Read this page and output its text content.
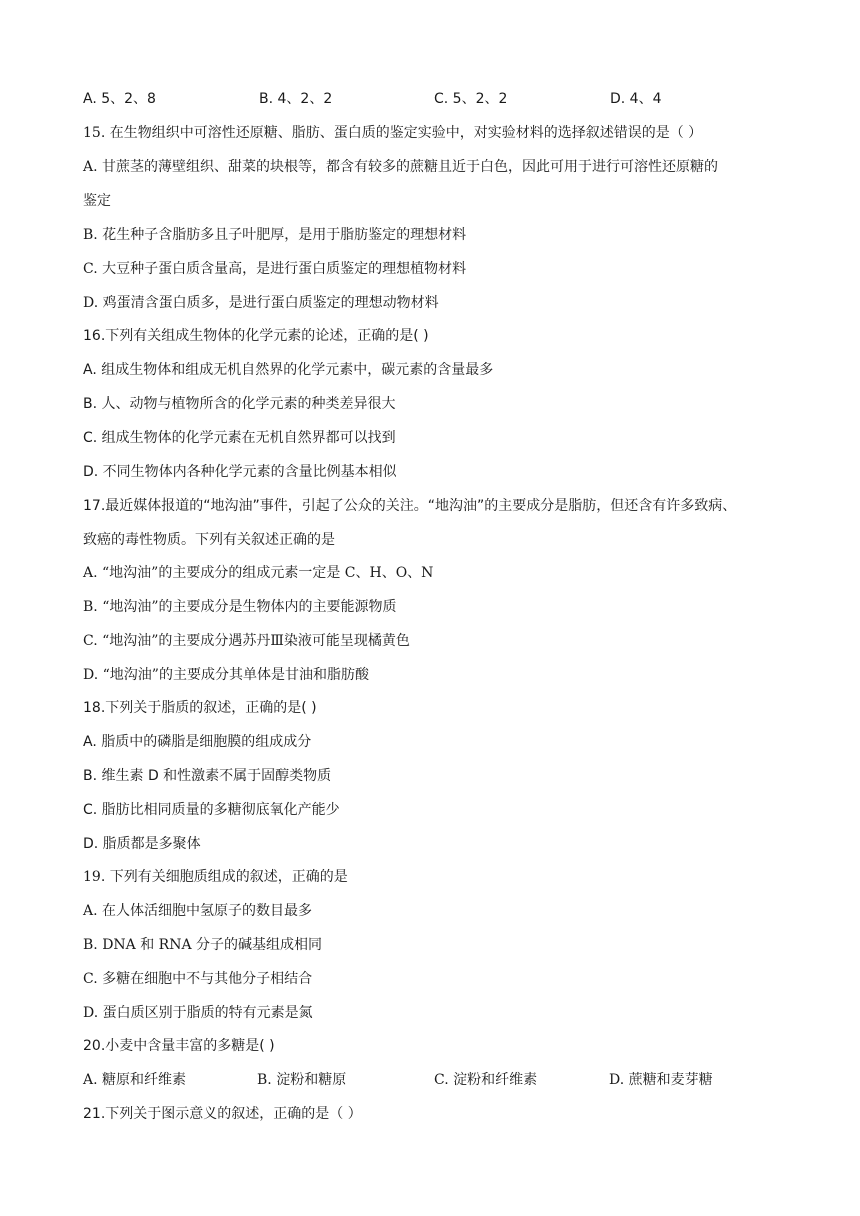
A. 5、2、8	B. 4、2、2	C. 5、2、2	D. 4、4
15. 在生物组织中可溶性还原糖、脂肪、蛋白质的鉴定实验中，对实验材料的选择叙述错误的是（ ）
A. 甘蔗茎的薄壁组织、甜菜的块根等，都含有较多的蔗糖且近于白色，因此可用于进行可溶性还原糖的
鉴定
B. 花生种子含脂肪多且子叶肥厚，是用于脂肪鉴定的理想材料
C. 大豆种子蛋白质含量高，是进行蛋白质鉴定的理想植物材料
D. 鸡蛋清含蛋白质多，是进行蛋白质鉴定的理想动物材料
16.下列有关组成生物体的化学元素的论述，正确的是( )
A. 组成生物体和组成无机自然界的化学元素中，碳元素的含量最多
B. 人、动物与植物所含的化学元素的种类差异很大
C. 组成生物体的化学元素在无机自然界都可以找到
D. 不同生物体内各种化学元素的含量比例基本相似
17.最近媒体报道的“地沟油”事件，引起了公众的关注。“地沟油”的主要成分是脂肪，但还含有许多致病、
致癌的毒性物质。下列有关叙述正确的是
A. “地沟油”的主要成分的组成元素一定是 C、H、O、N
B. “地沟油”的主要成分是生物体内的主要能源物质
C. “地沟油”的主要成分遇苏丹Ⅲ染液可能呈现橘黄色
D. “地沟油”的主要成分其单体是甘油和脂肪酸
18.下列关于脂质的叙述，正确的是( )
A. 脂质中的磷脂是细胞膜的组成成分
B. 维生素 D 和性激素不属于固醇类物质
C. 脂肪比相同质量的多糖彻底氧化产能少
D. 脂质都是多聚体
19. 下列有关细胞质组成的叙述，正确的是
A. 在人体活细胞中氢原子的数目最多
B. DNA 和 RNA 分子的碱基组成相同
C. 多糖在细胞中不与其他分子相结合
D. 蛋白质区别于脂质的特有元素是氮
20.小麦中含量丰富的多糖是( )
A. 糖原和纤维素	B. 淀粉和糖原	C. 淀粉和纤维素	D. 蔗糖和麦芽糖
21.下列关于图示意义的叙述，正确的是（ ）
